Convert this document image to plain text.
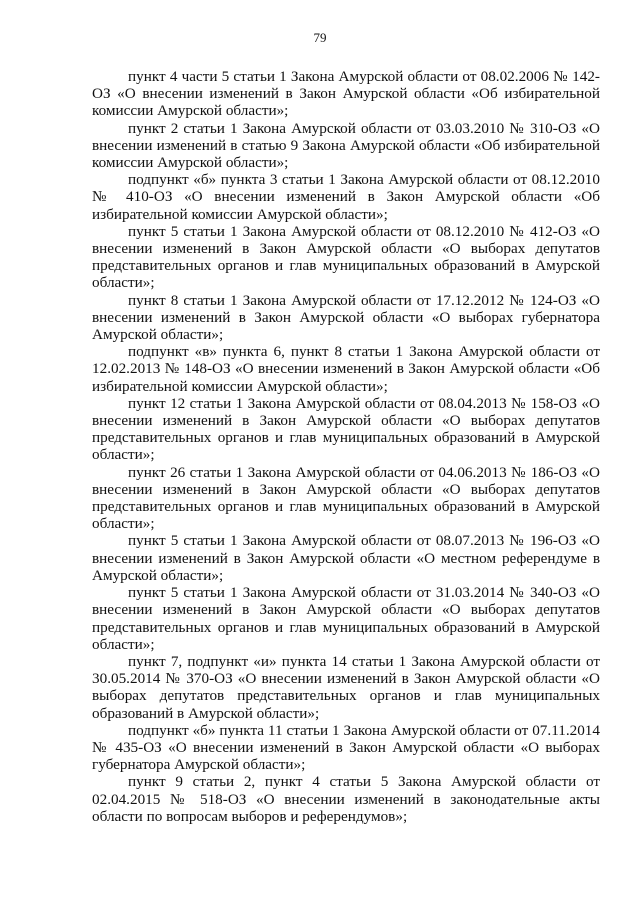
79

пункт 4 части 5 статьи 1 Закона Амурской области от 08.02.2006 № 142-ОЗ «О внесении изменений в Закон Амурской области «Об избирательной комиссии Амурской области»;

пункт 2 статьи 1 Закона Амурской области от 03.03.2010 № 310-ОЗ «О внесении изменений в статью 9 Закона Амурской области «Об избирательной комиссии Амурской области»;

подпункт «б» пункта 3 статьи 1 Закона Амурской области от 08.12.2010 № 410-ОЗ «О внесении изменений в Закон Амурской области «Об избирательной комиссии Амурской области»;

пункт 5 статьи 1 Закона Амурской области от 08.12.2010 № 412-ОЗ «О внесении изменений в Закон Амурской области «О выборах депутатов представительных органов и глав муниципальных образований в Амурской области»;

пункт 8 статьи 1 Закона Амурской области от 17.12.2012 № 124-ОЗ «О внесении изменений в Закон Амурской области «О выборах губернатора Амурской области»;

подпункт «в» пункта 6, пункт 8 статьи 1 Закона Амурской области от 12.02.2013 № 148-ОЗ «О внесении изменений в Закон Амурской области «Об избирательной комиссии Амурской области»;

пункт 12 статьи 1 Закона Амурской области от 08.04.2013 № 158-ОЗ «О внесении изменений в Закон Амурской области «О выборах депутатов представительных органов и глав муниципальных образований в Амурской области»;

пункт 26 статьи 1 Закона Амурской области от 04.06.2013 № 186-ОЗ «О внесении изменений в Закон Амурской области «О выборах депутатов представительных органов и глав муниципальных образований в Амурской области»;

пункт 5 статьи 1 Закона Амурской области от 08.07.2013 № 196-ОЗ «О внесении изменений в Закон Амурской области «О местном референдуме в Амурской области»;

пункт 5 статьи 1 Закона Амурской области от 31.03.2014 № 340-ОЗ «О внесении изменений в Закон Амурской области «О выборах депутатов представительных органов и глав муниципальных образований в Амурской области»;

пункт 7, подпункт «и» пункта 14 статьи 1 Закона Амурской области от 30.05.2014 № 370-ОЗ «О внесении изменений в Закон Амурской области «О выборах депутатов представительных органов и глав муниципальных образований в Амурской области»;

подпункт «б» пункта 11 статьи 1 Закона Амурской области от 07.11.2014 № 435-ОЗ «О внесении изменений в Закон Амурской области «О выборах губернатора Амурской области»;

пункт 9 статьи 2, пункт 4 статьи 5 Закона Амурской области от 02.04.2015 № 518-ОЗ «О внесении изменений в законодательные акты области по вопросам выборов и референдумов»;
